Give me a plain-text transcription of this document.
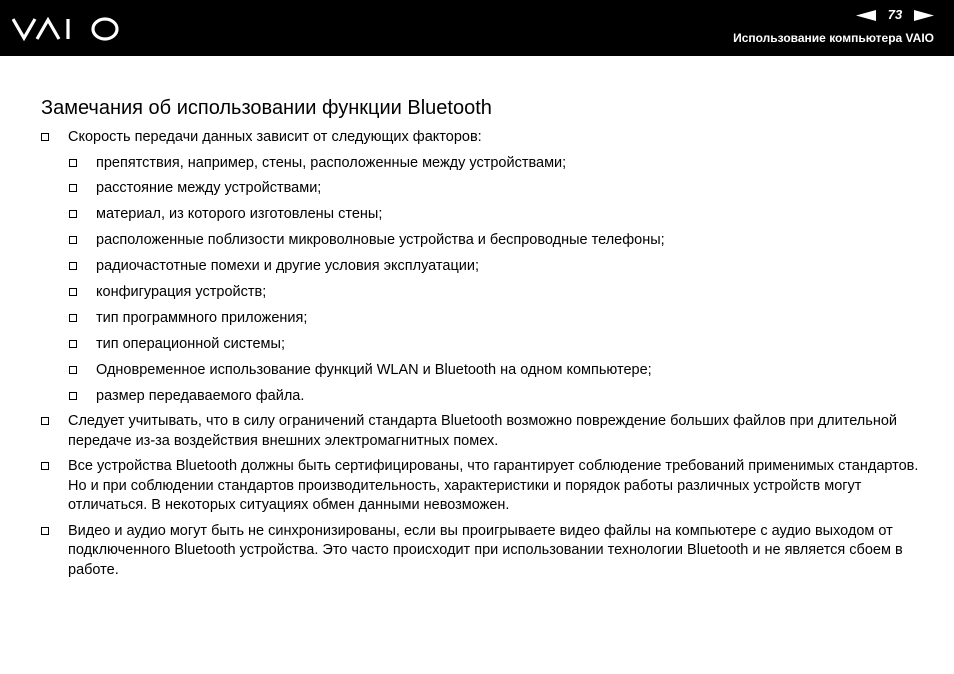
73
Использование компьютера VAIO
Замечания об использовании функции Bluetooth
Скорость передачи данных зависит от следующих факторов:
препятствия, например, стены, расположенные между устройствами;
расстояние между устройствами;
материал, из которого изготовлены стены;
расположенные поблизости микроволновые устройства и беспроводные телефоны;
радиочастотные помехи и другие условия эксплуатации;
конфигурация устройств;
тип программного приложения;
тип операционной системы;
Одновременное использование функций WLAN и Bluetooth на одном компьютере;
размер передаваемого файла.
Следует учитывать, что в силу ограничений стандарта Bluetooth возможно повреждение больших файлов при длительной передаче из-за воздействия внешних электромагнитных помех.
Все устройства Bluetooth должны быть сертифицированы, что гарантирует соблюдение требований применимых стандартов. Но и при соблюдении стандартов производительность, характеристики и порядок работы различных устройств могут отличаться. В некоторых ситуациях обмен данными невозможен.
Видео и аудио могут быть не синхронизированы, если вы проигрываете видео файлы на компьютере с аудио выходом от подключенного Bluetooth устройства. Это часто происходит при использовании технологии Bluetooth и не является сбоем в работе.
